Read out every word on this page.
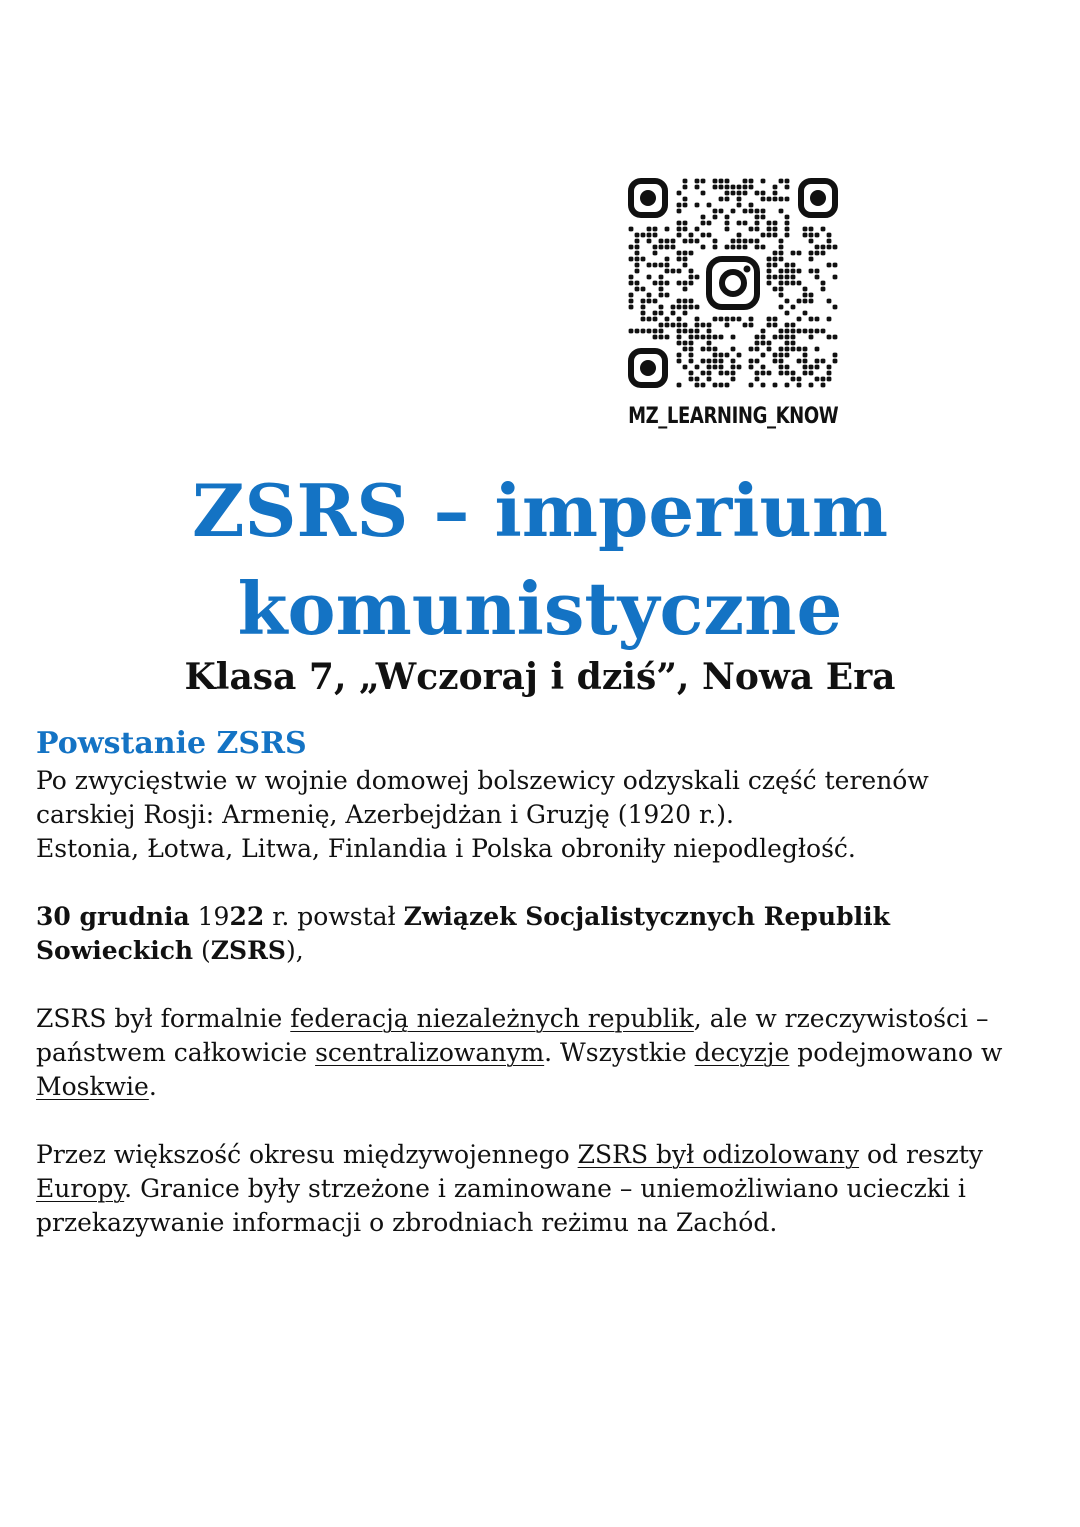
MZ_LEARNING_KNOW
ZSRS – imperium
komunistyczne
Klasa 7, „Wczoraj i dziś”, Nowa Era
Powstanie ZSRS

Po zwycięstwie w wojnie domowej bolszewicy odzyskali część terenów
carskiej Rosji: Armenię, Azerbejdżan i Gruzję (1920 r.).
Estonia, Łotwa, Litwa, Finlandia i Polska obroniły niepodległość.

30 grudnia 1922 r. powstał Związek Socjalistycznych Republik Sowieckich (ZSRS),

ZSRS był formalnie federacją niezależnych republik, ale w rzeczywistości – państwem całkowicie scentralizowanym. Wszystkie decyzje podejmowano w Moskwie.

Przez większość okresu międzywojennego ZSRS był odizolowany od reszty Europy. Granice były strzeżone i zaminowane – uniemożliwiano ucieczki i przekazywanie informacji o zbrodniach reżimu na Zachód.
